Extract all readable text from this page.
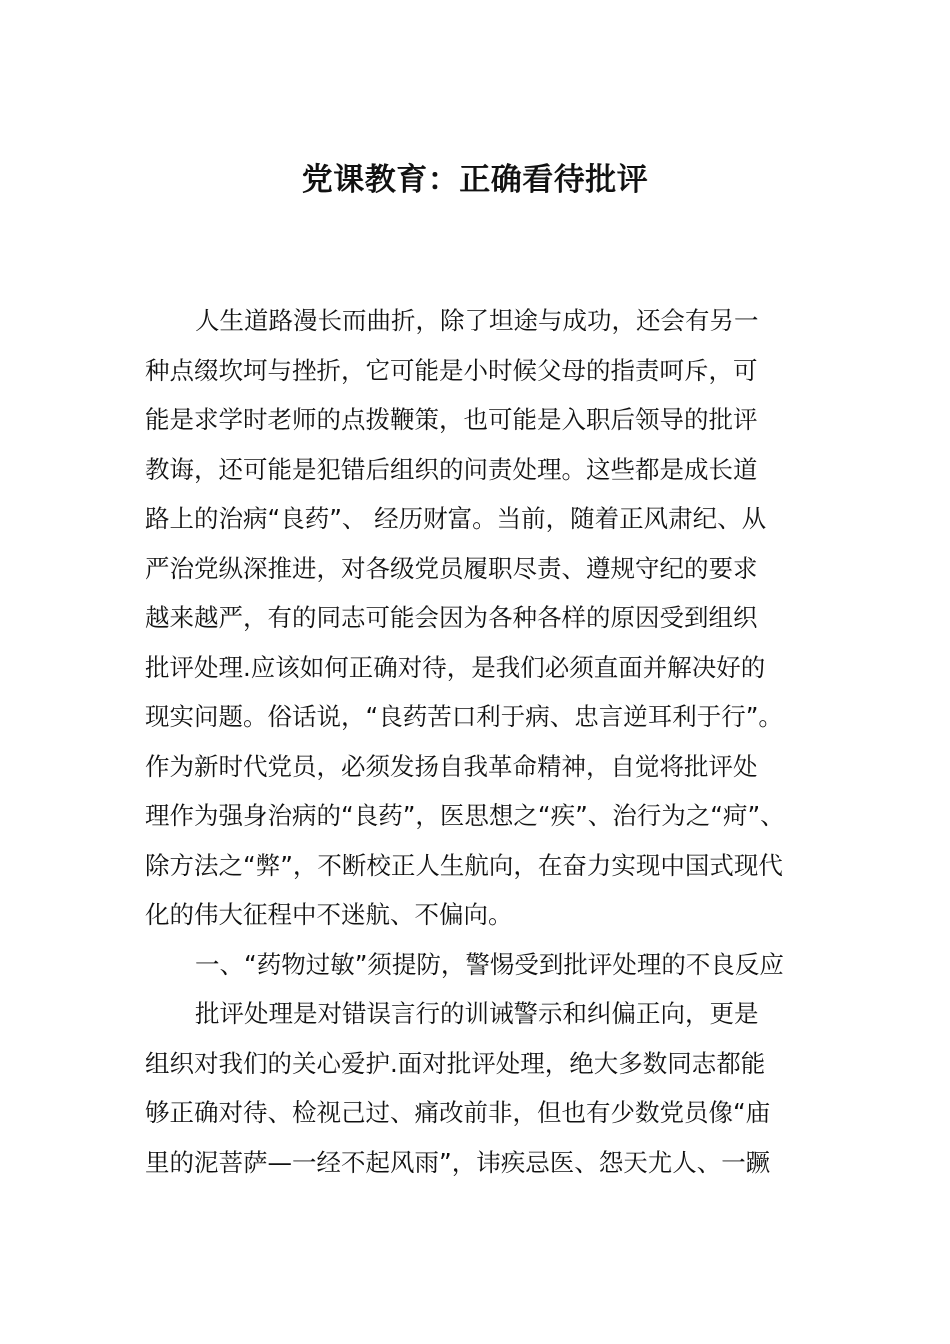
党课教育：正确看待批评
人生道路漫长而曲折，除了坦途与成功，还会有另一
种点缀坎坷与挫折，它可能是小时候父母的指责呵斥，可
能是求学时老师的点拨鞭策，也可能是入职后领导的批评
教诲，还可能是犯错后组织的问责处理。这些都是成长道
路上的治病“良药”、 经历财富。当前，随着正风肃纪、从
严治党纵深推进，对各级党员履职尽责、遵规守纪的要求
越来越严，有的同志可能会因为各种各样的原因受到组织
批评处理.应该如何正确对待，是我们必须直面并解决好的
现实问题。俗话说，“良药苦口利于病、忠言逆耳利于行”。
作为新时代党员，必须发扬自我革命精神，自觉将批评处
理作为强身治病的“良药”，医思想之“疾”、治行为之“疴”、
除方法之“弊”，不断校正人生航向，在奋力实现中国式现代
化的伟大征程中不迷航、不偏向。
一、“药物过敏”须提防，警惕受到批评处理的不良反应
批评处理是对错误言行的训诫警示和纠偏正向，更是
组织对我们的关心爱护.面对批评处理，绝大多数同志都能
够正确对待、检视己过、痛改前非，但也有少数党员像“庙
里的泥菩萨—一经不起风雨”，讳疾忌医、怨天尤人、一蹶
